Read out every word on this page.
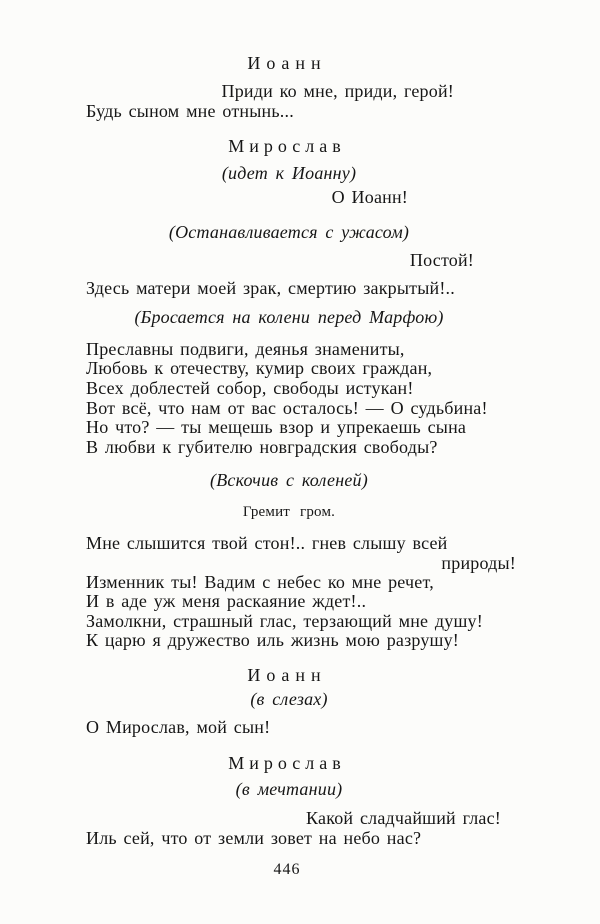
Иоанн
Приди ко мне, приди, герой!
Будь сыном мне отнынь...
Мирослав
(идет к Иоанну)
О Иоанн!
(Останавливается с ужасом)
Постой!
Здесь матери моей зрак, смертию закрытый!..
(Бросается на колени перед Марфою)
Преславны подвиги, деянья знамениты,
Любовь к отечеству, кумир своих граждан,
Всех доблестей собор, свободы истукан!
Вот всё, что нам от вас осталось! — О судьбина!
Но что? — ты мещешь взор и упрекаешь сына
В любви к губителю новградския свободы?
(Вскочив с коленей)
Гремит гром.
Мне слышится твой стон!.. гнев слышу всей
природы!
Изменник ты! Вадим с небес ко мне речет,
И в аде уж меня раскаяние ждет!..
Замолкни, страшный глас, терзающий мне душу!
К царю я дружество иль жизнь мою разрушу!
Иоанн
(в слезах)
О Мирослав, мой сын!
Мирослав
(в мечтании)
Какой сладчайший глас!
Иль сей, что от земли зовет на небо нас?
446
